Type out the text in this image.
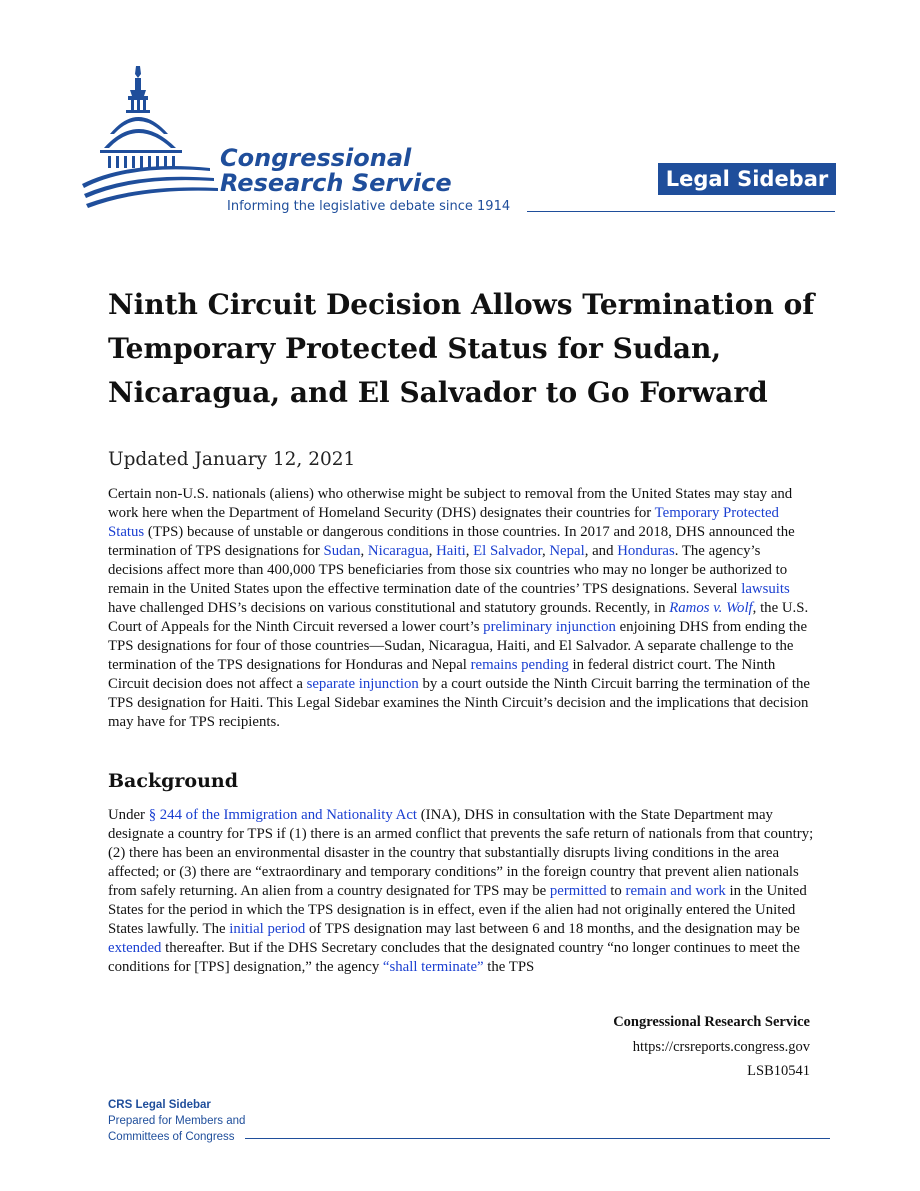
Congressional
Research Service
Informing the legislative debate since 1914
Legal Sidebar
Ninth Circuit Decision Allows Termination of
Temporary Protected Status for Sudan,
Nicaragua, and El Salvador to Go Forward
Updated January 12, 2021

Certain non-U.S. nationals (aliens) who otherwise might be subject to removal from the United States may stay and work here when the Department of Homeland Security (DHS) designates their countries for Temporary Protected Status (TPS) because of unstable or dangerous conditions in those countries. In 2017 and 2018, DHS announced the termination of TPS designations for Sudan, Nicaragua, Haiti, El Salvador, Nepal, and Honduras. The agency’s decisions affect more than 400,000 TPS beneficiaries from those six countries who may no longer be authorized to remain in the United States upon the effective termination date of the countries’ TPS designations. Several lawsuits have challenged DHS’s decisions on various constitutional and statutory grounds. Recently, in Ramos v. Wolf, the U.S. Court of Appeals for the Ninth Circuit reversed a lower court’s preliminary injunction enjoining DHS from ending the TPS designations for four of those countries—Sudan, Nicaragua, Haiti, and El Salvador. A separate challenge to the termination of the TPS designations for Honduras and Nepal remains pending in federal district court. The Ninth Circuit decision does not affect a separate injunction by a court outside the Ninth Circuit barring the termination of the TPS designation for Haiti. This Legal Sidebar examines the Ninth Circuit’s decision and the implications that decision may have for TPS recipients.

Background

Under § 244 of the Immigration and Nationality Act (INA), DHS in consultation with the State Department may designate a country for TPS if (1) there is an armed conflict that prevents the safe return of nationals from that country; (2) there has been an environmental disaster in the country that substantially disrupts living conditions in the area affected; or (3) there are “extraordinary and temporary conditions” in the foreign country that prevent alien nationals from safely returning. An alien from a country designated for TPS may be permitted to remain and work in the United States for the period in which the TPS designation is in effect, even if the alien had not originally entered the United States lawfully. The initial period of TPS designation may last between 6 and 18 months, and the designation may be extended thereafter. But if the DHS Secretary concludes that the designated country “no longer continues to meet the conditions for [TPS] designation,” the agency “shall terminate” the TPS

Congressional Research Service
https://crsreports.congress.gov
LSB10541
CRS Legal Sidebar
Prepared for Members and
Committees of Congress
